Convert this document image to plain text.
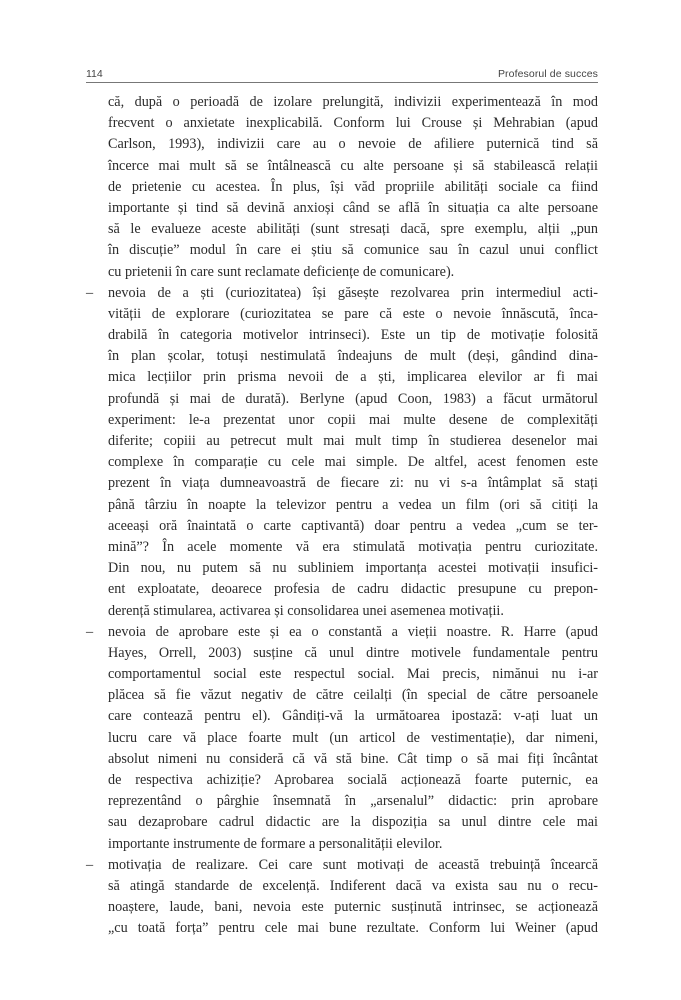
114	Profesorul de succes
că, după o perioadă de izolare prelungită, indivizii experimentează în mod
frecvent o anxietate inexplicabilă. Conform lui Crouse și Mehrabian (apud
Carlson, 1993), indivizii care au o nevoie de afiliere puternică tind să
încerce mai mult să se întâlnească cu alte persoane și să stabilească relații
de prietenie cu acestea. În plus, își văd propriile abilități sociale ca fiind
importante și tind să devină anxioși când se află în situația ca alte persoane
să le evalueze aceste abilități (sunt stresați dacă, spre exemplu, alții „pun
în discuție” modul în care ei știu să comunice sau în cazul unui conflict
cu prietenii în care sunt reclamate deficiențe de comunicare).
–	nevoia de a ști (curiozitatea) își găsește rezolvarea prin intermediul acti-
vității de explorare (curiozitatea se pare că este o nevoie înnăscută, înca-
drabilă în categoria motivelor intrinseci). Este un tip de motivație folosită
în plan școlar, totuși nestimulată îndeajuns de mult (deși, gândind dina-
mica lecțiilor prin prisma nevoii de a ști, implicarea elevilor ar fi mai
profundă și mai de durată). Berlyne (apud Coon, 1983) a făcut următorul
experiment: le-a prezentat unor copii mai multe desene de complexități
diferite; copiii au petrecut mult mai mult timp în studierea desenelor mai
complexe în comparație cu cele mai simple. De altfel, acest fenomen este
prezent în viața dumneavoastră de fiecare zi: nu vi s-a întâmplat să stați
până târziu în noapte la televizor pentru a vedea un film (ori să citiți la
aceeași oră înaintată o carte captivantă) doar pentru a vedea „cum se ter-
mină”? În acele momente vă era stimulată motivația pentru curiozitate.
Din nou, nu putem să nu subliniem importanța acestei motivații insufici-
ent exploatate, deoarece profesia de cadru didactic presupune cu prepon-
derență stimularea, activarea și consolidarea unei asemenea motivații.
–	nevoia de aprobare este și ea o constantă a vieții noastre. R. Harre (apud
Hayes, Orrell, 2003) susține că unul dintre motivele fundamentale pentru
comportamentul social este respectul social. Mai precis, nimănui nu i-ar
plăcea să fie văzut negativ de către ceilalți (în special de către persoanele
care contează pentru el). Gândiți-vă la următoarea ipostază: v-ați luat un
lucru care vă place foarte mult (un articol de vestimentație), dar nimeni,
absolut nimeni nu consideră că vă stă bine. Cât timp o să mai fiți încântat
de respectiva achiziție? Aprobarea socială acționează foarte puternic, ea
reprezentând o pârghie însemnată în „arsenalul” didactic: prin aprobare
sau dezaprobare cadrul didactic are la dispoziția sa unul dintre cele mai
importante instrumente de formare a personalității elevilor.
–	motivația de realizare. Cei care sunt motivați de această trebuință încearcă
să atingă standarde de excelență. Indiferent dacă va exista sau nu o recu-
noaștere, laude, bani, nevoia este puternic susținută intrinsec, se acționează
„cu toată forța” pentru cele mai bune rezultate. Conform lui Weiner (apud
